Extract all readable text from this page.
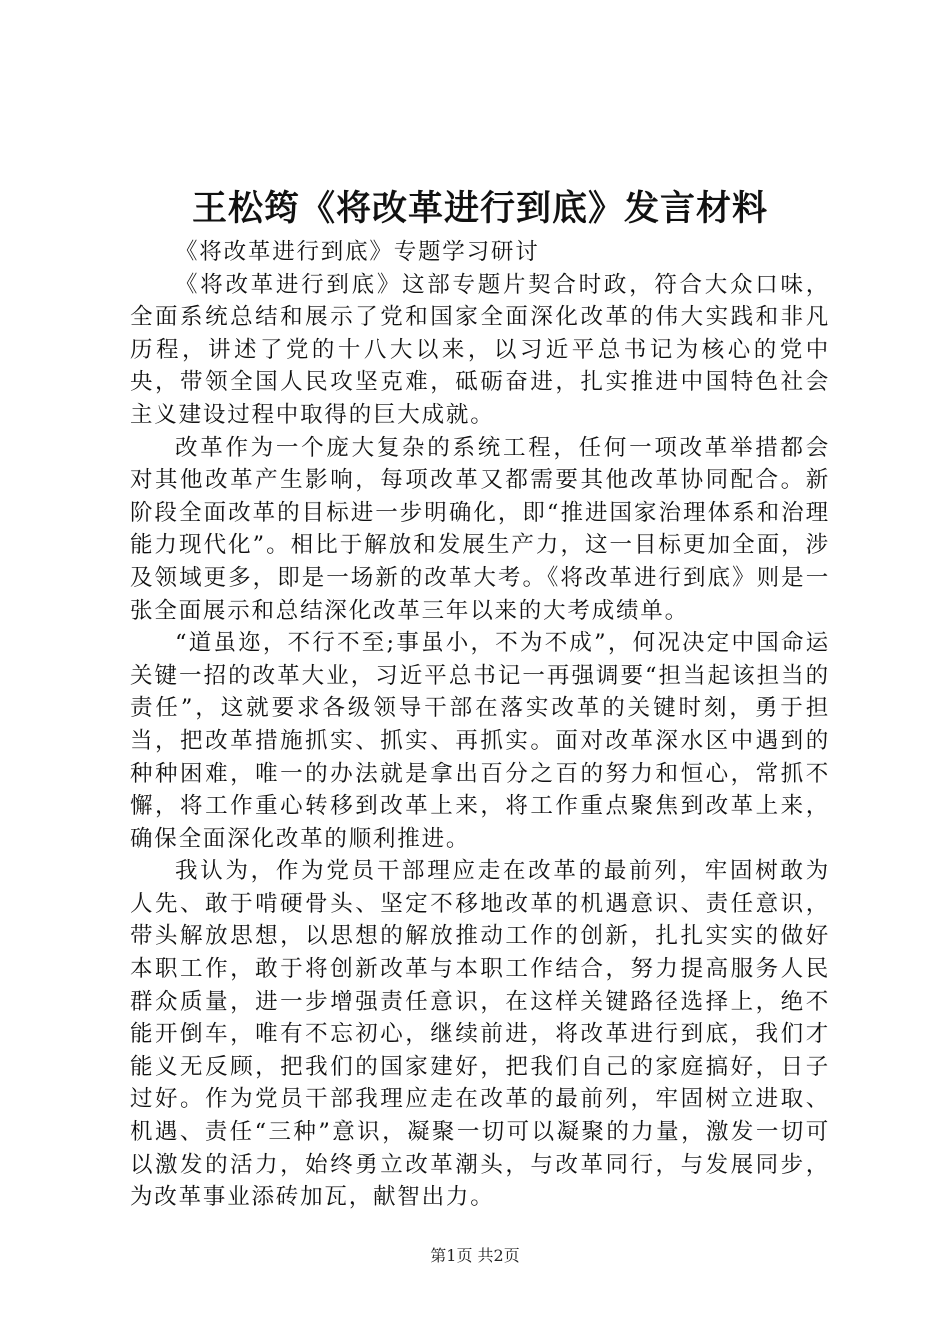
王松筠《将改革进行到底》发言材料

《将改革进行到底》专题学习研讨

《将改革进行到底》这部专题片契合时政，符合大众口味，全面系统总结和展示了党和国家全面深化改革的伟大实践和非凡历程，讲述了党的十八大以来，以习近平总书记为核心的党中央，带领全国人民攻坚克难，砥砺奋进，扎实推进中国特色社会主义建设过程中取得的巨大成就。

改革作为一个庞大复杂的系统工程，任何一项改革举措都会对其他改革产生影响，每项改革又都需要其他改革协同配合。新阶段全面改革的目标进一步明确化，即“推进国家治理体系和治理能力现代化”。相比于解放和发展生产力，这一目标更加全面，涉及领域更多，即是一场新的改革大考。《将改革进行到底》则是一张全面展示和总结深化改革三年以来的大考成绩单。

“道虽迩，不行不至;事虽小，不为不成”，何况决定中国命运关键一招的改革大业，习近平总书记一再强调要“担当起该担当的责任”，这就要求各级领导干部在落实改革的关键时刻，勇于担当，把改革措施抓实、抓实、再抓实。面对改革深水区中遇到的种种困难，唯一的办法就是拿出百分之百的努力和恒心，常抓不懈，将工作重心转移到改革上来，将工作重点聚焦到改革上来，确保全面深化改革的顺利推进。

我认为，作为党员干部理应走在改革的最前列，牢固树敢为人先、敢于啃硬骨头、坚定不移地改革的机遇意识、责任意识，带头解放思想，以思想的解放推动工作的创新，扎扎实实的做好本职工作，敢于将创新改革与本职工作结合，努力提高服务人民群众质量，进一步增强责任意识，在这样关键路径选择上，绝不能开倒车，唯有不忘初心，继续前进，将改革进行到底，我们才能义无反顾，把我们的国家建好，把我们自己的家庭搞好，日子过好。作为党员干部我理应走在改革的最前列，牢固树立进取、机遇、责任“三种”意识，凝聚一切可以凝聚的力量，激发一切可以激发的活力，始终勇立改革潮头，与改革同行，与发展同步，为改革事业添砖加瓦，献智出力。

第1页 共2页
